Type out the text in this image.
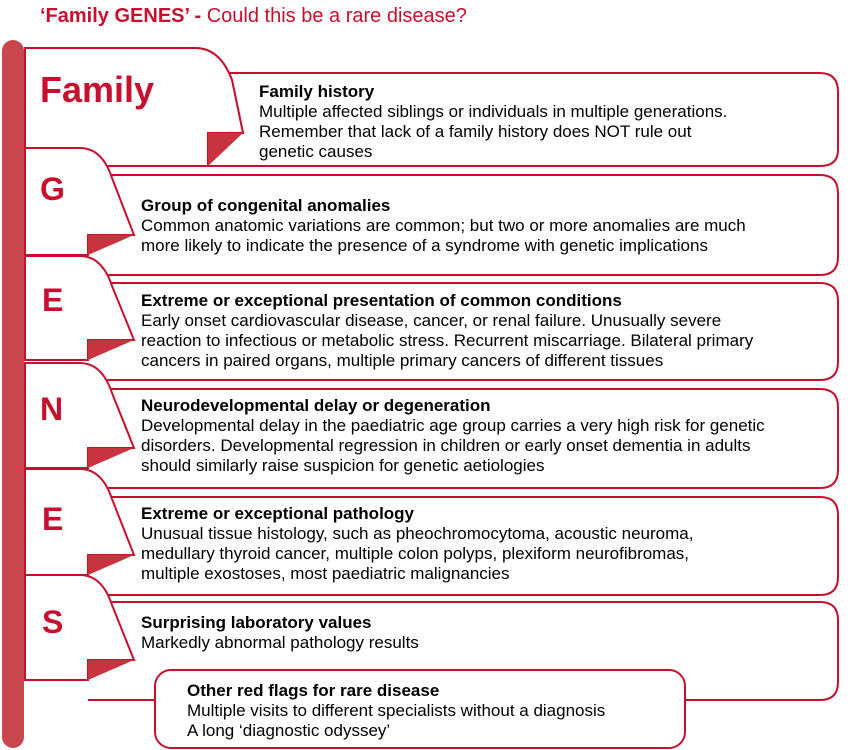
‘Family GENES’ - Could this be a rare disease?
Family
G
E
N
E
S
Family history
Multiple affected siblings or individuals in multiple generations.
Remember that lack of a family history does NOT rule out
genetic causes
Group of congenital anomalies
Common anatomic variations are common; but two or more anomalies are much
more likely to indicate the presence of a syndrome with genetic implications
Extreme or exceptional presentation of common conditions
Early onset cardiovascular disease, cancer, or renal failure. Unusually severe
reaction to infectious or metabolic stress. Recurrent miscarriage. Bilateral primary
cancers in paired organs, multiple primary cancers of different tissues
Neurodevelopmental delay or degeneration
Developmental delay in the paediatric age group carries a very high risk for genetic
disorders. Developmental regression in children or early onset dementia in adults
should similarly raise suspicion for genetic aetiologies
Extreme or exceptional pathology
Unusual tissue histology, such as pheochromocytoma, acoustic neuroma,
medullary thyroid cancer, multiple colon polyps, plexiform neurofibromas,
multiple exostoses, most paediatric malignancies
Surprising laboratory values
Markedly abnormal pathology results
Other red flags for rare disease
Multiple visits to different specialists without a diagnosis
A long ‘diagnostic odyssey’
